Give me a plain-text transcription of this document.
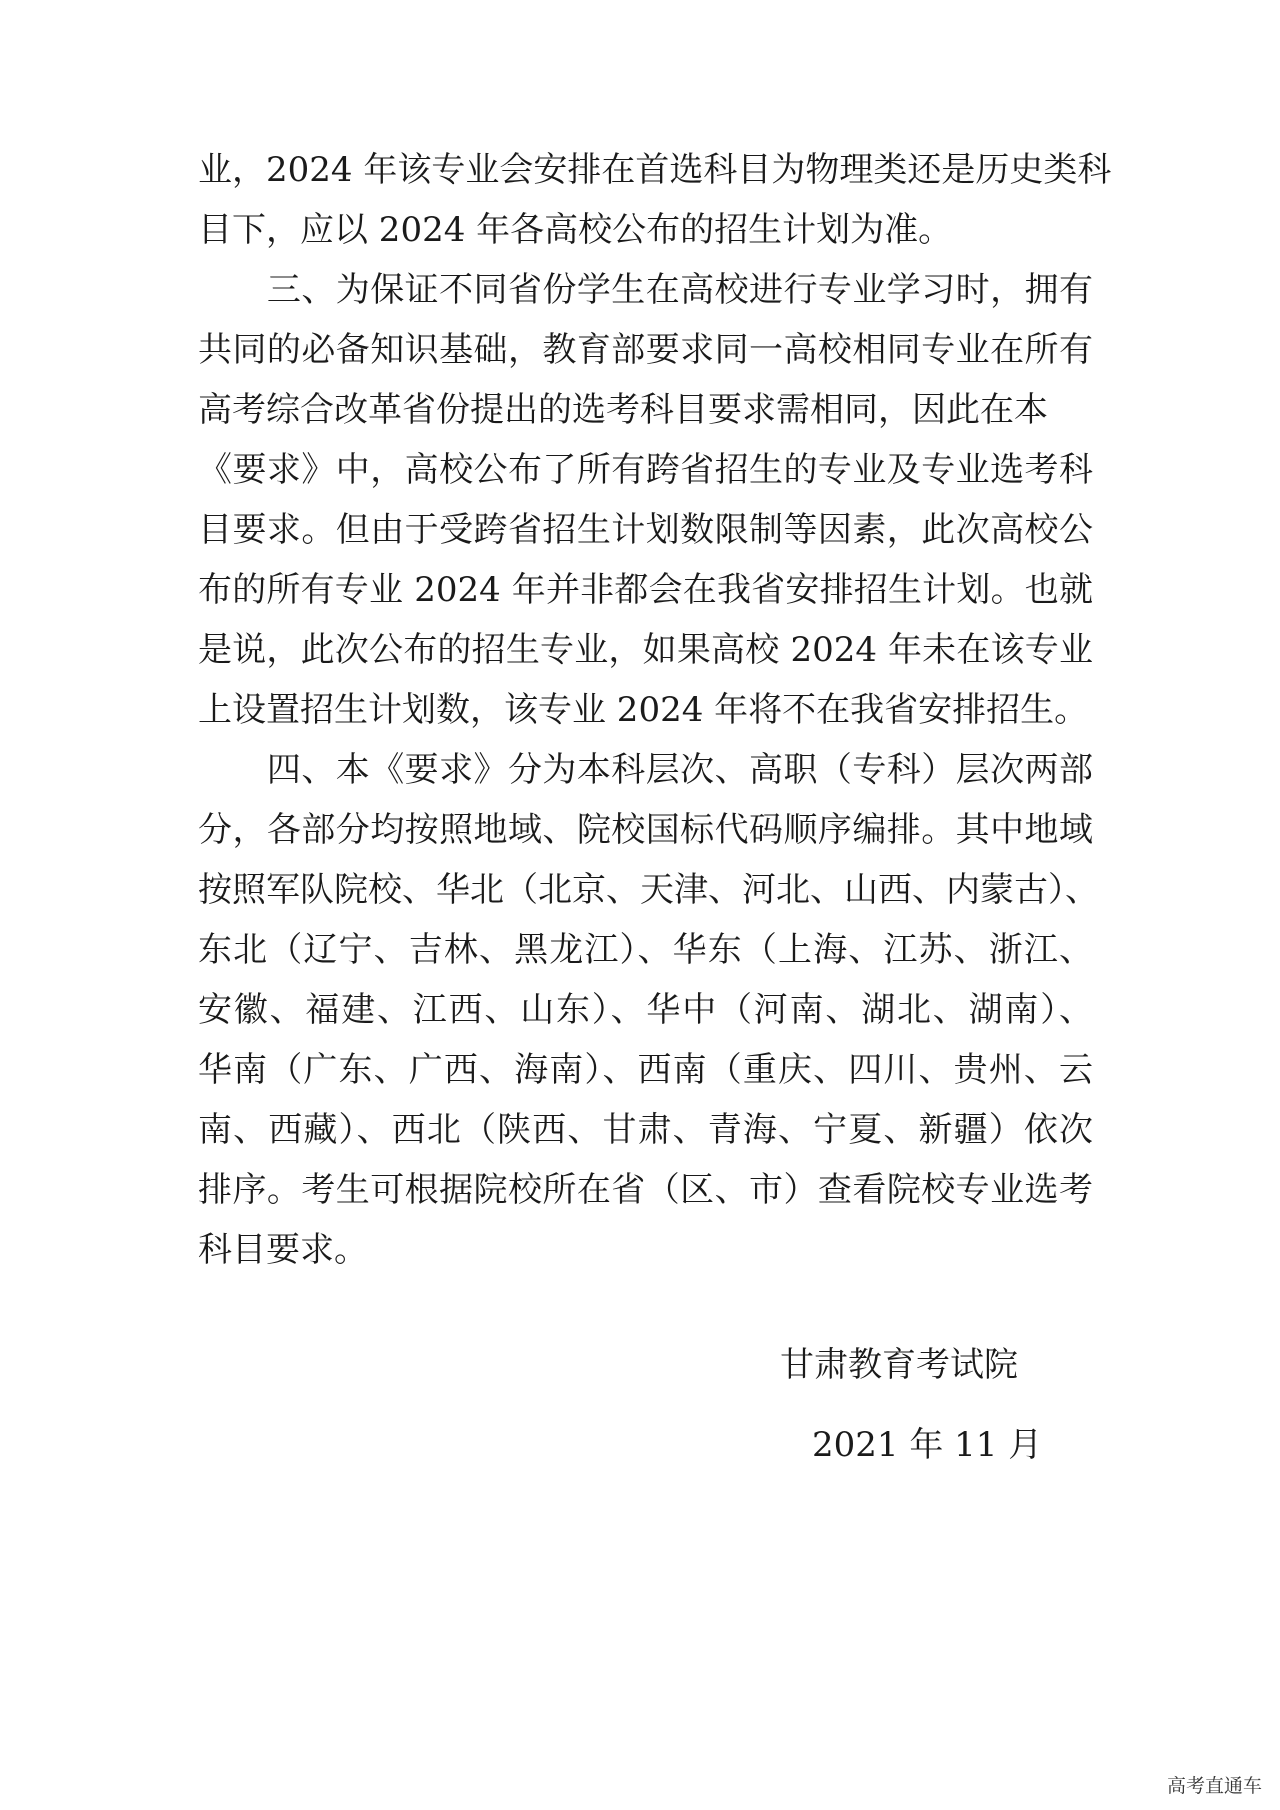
业，2024 年该专业会安排在首选科目为物理类还是历史类科
目下，应以 2024 年各高校公布的招生计划为准。
　　三、为保证不同省份学生在高校进行专业学习时，拥有
共同的必备知识基础，教育部要求同一高校相同专业在所有
高考综合改革省份提出的选考科目要求需相同，因此在本
《要求》中，高校公布了所有跨省招生的专业及专业选考科
目要求。但由于受跨省招生计划数限制等因素，此次高校公
布的所有专业 2024 年并非都会在我省安排招生计划。也就
是说，此次公布的招生专业，如果高校 2024 年未在该专业
上设置招生计划数，该专业 2024 年将不在我省安排招生。
　　四、本《要求》分为本科层次、高职（专科）层次两部
分，各部分均按照地域、院校国标代码顺序编排。其中地域
按照军队院校、华北（北京、天津、河北、山西、内蒙古）、
东北（辽宁、吉林、黑龙江）、华东（上海、江苏、浙江、
安徽、福建、江西、山东）、华中（河南、湖北、湖南）、
华南（广东、广西、海南）、西南（重庆、四川、贵州、云
南、西藏）、西北（陕西、甘肃、青海、宁夏、新疆）依次
排序。考生可根据院校所在省（区、市）查看院校专业选考
科目要求。
甘肃教育考试院
2021 年 11 月
高考直通车
